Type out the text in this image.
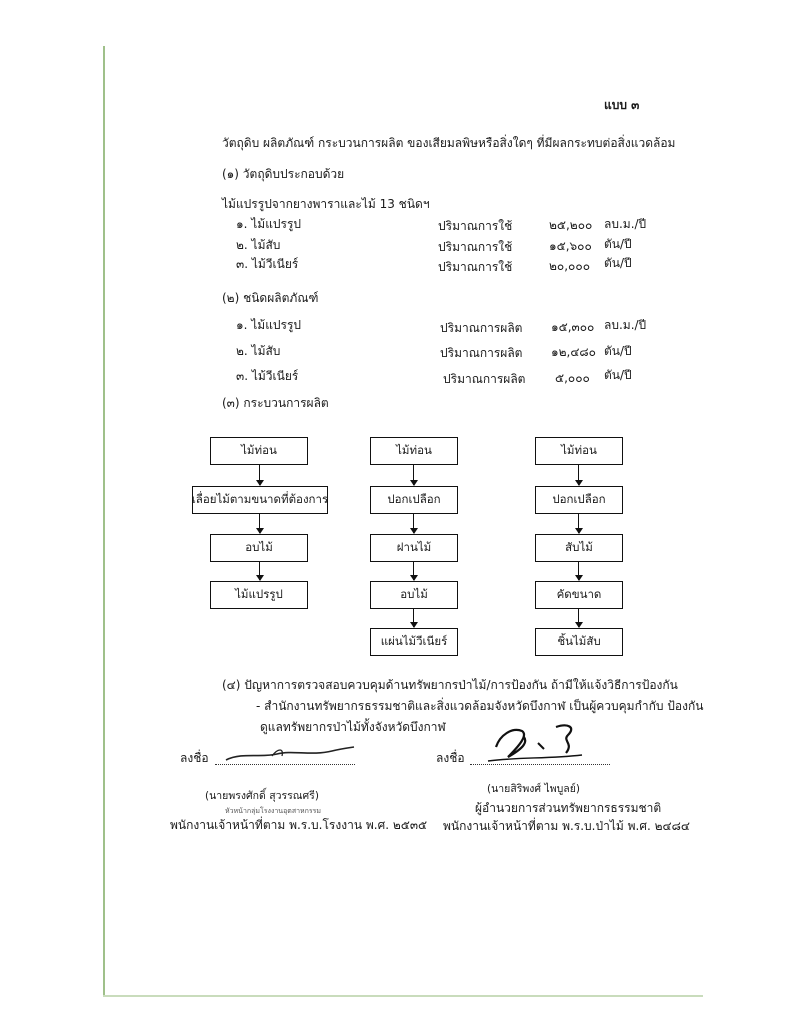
แบบ ๓
วัตถุดิบ ผลิตภัณฑ์ กระบวนการผลิต ของเสียมลพิษหรือสิ่งใดๆ ที่มีผลกระทบต่อสิ่งแวดล้อม
(๑) วัตถุดิบประกอบด้วย
ไม้แปรรูปจากยางพาราและไม้ 13 ชนิดฯ
๑. ไม้แปรรูป	ปริมาณการใช้	๒๕,๒๐๐ ลบ.ม./ปี
๒. ไม้สับ	ปริมาณการใช้	๑๕,๖๐๐ ตัน/ปี
๓. ไม้วีเนียร์	ปริมาณการใช้	๒๐,๐๐๐ ตัน/ปี
(๒) ชนิดผลิตภัณฑ์
๑. ไม้แปรรูป	ปริมาณการผลิต ๑๕,๓๐๐ ลบ.ม./ปี
๒. ไม้สับ	ปริมาณการผลิต ๑๒,๔๘๐ ตัน/ปี
๓. ไม้วีเนียร์	ปริมาณการผลิต ๕,๐๐๐ ตัน/ปี
(๓) กระบวนการผลิต
ไม้ท่อน
เลื่อยไม้ตามขนาดที่ต้องการ
อบไม้
ไม้แปรรูป
ไม้ท่อน
ปอกเปลือก
ฝานไม้
อบไม้
แผ่นไม้วีเนียร์
ไม้ท่อน
ปอกเปลือก
สับไม้
คัดขนาด
ชิ้นไม้สับ
(๔) ปัญหาการตรวจสอบควบคุมด้านทรัพยากรป่าไม้/การป้องกัน ถ้ามีให้แจ้งวิธีการป้องกัน
- สำนักงานทรัพยากรธรรมชาติและสิ่งแวดล้อมจังหวัดบึงกาฬ เป็นผู้ควบคุมกำกับ ป้องกัน
ดูแลทรัพยากรป่าไม้ทั้งจังหวัดบึงกาฬ
ลงชื่อ
(นายพรงศักดิ์ สุวรรณศรี)
หัวหน้ากลุ่มโรงงานอุตสาหกรรม
พนักงานเจ้าหน้าที่ตาม พ.ร.บ.โรงงาน พ.ศ. ๒๕๓๕
ลงชื่อ
(นายสิริพงศ์ ไพบูลย์)
ผู้อำนวยการส่วนทรัพยากรธรรมชาติ
พนักงานเจ้าหน้าที่ตาม พ.ร.บ.ป่าไม้ พ.ศ. ๒๔๘๔
